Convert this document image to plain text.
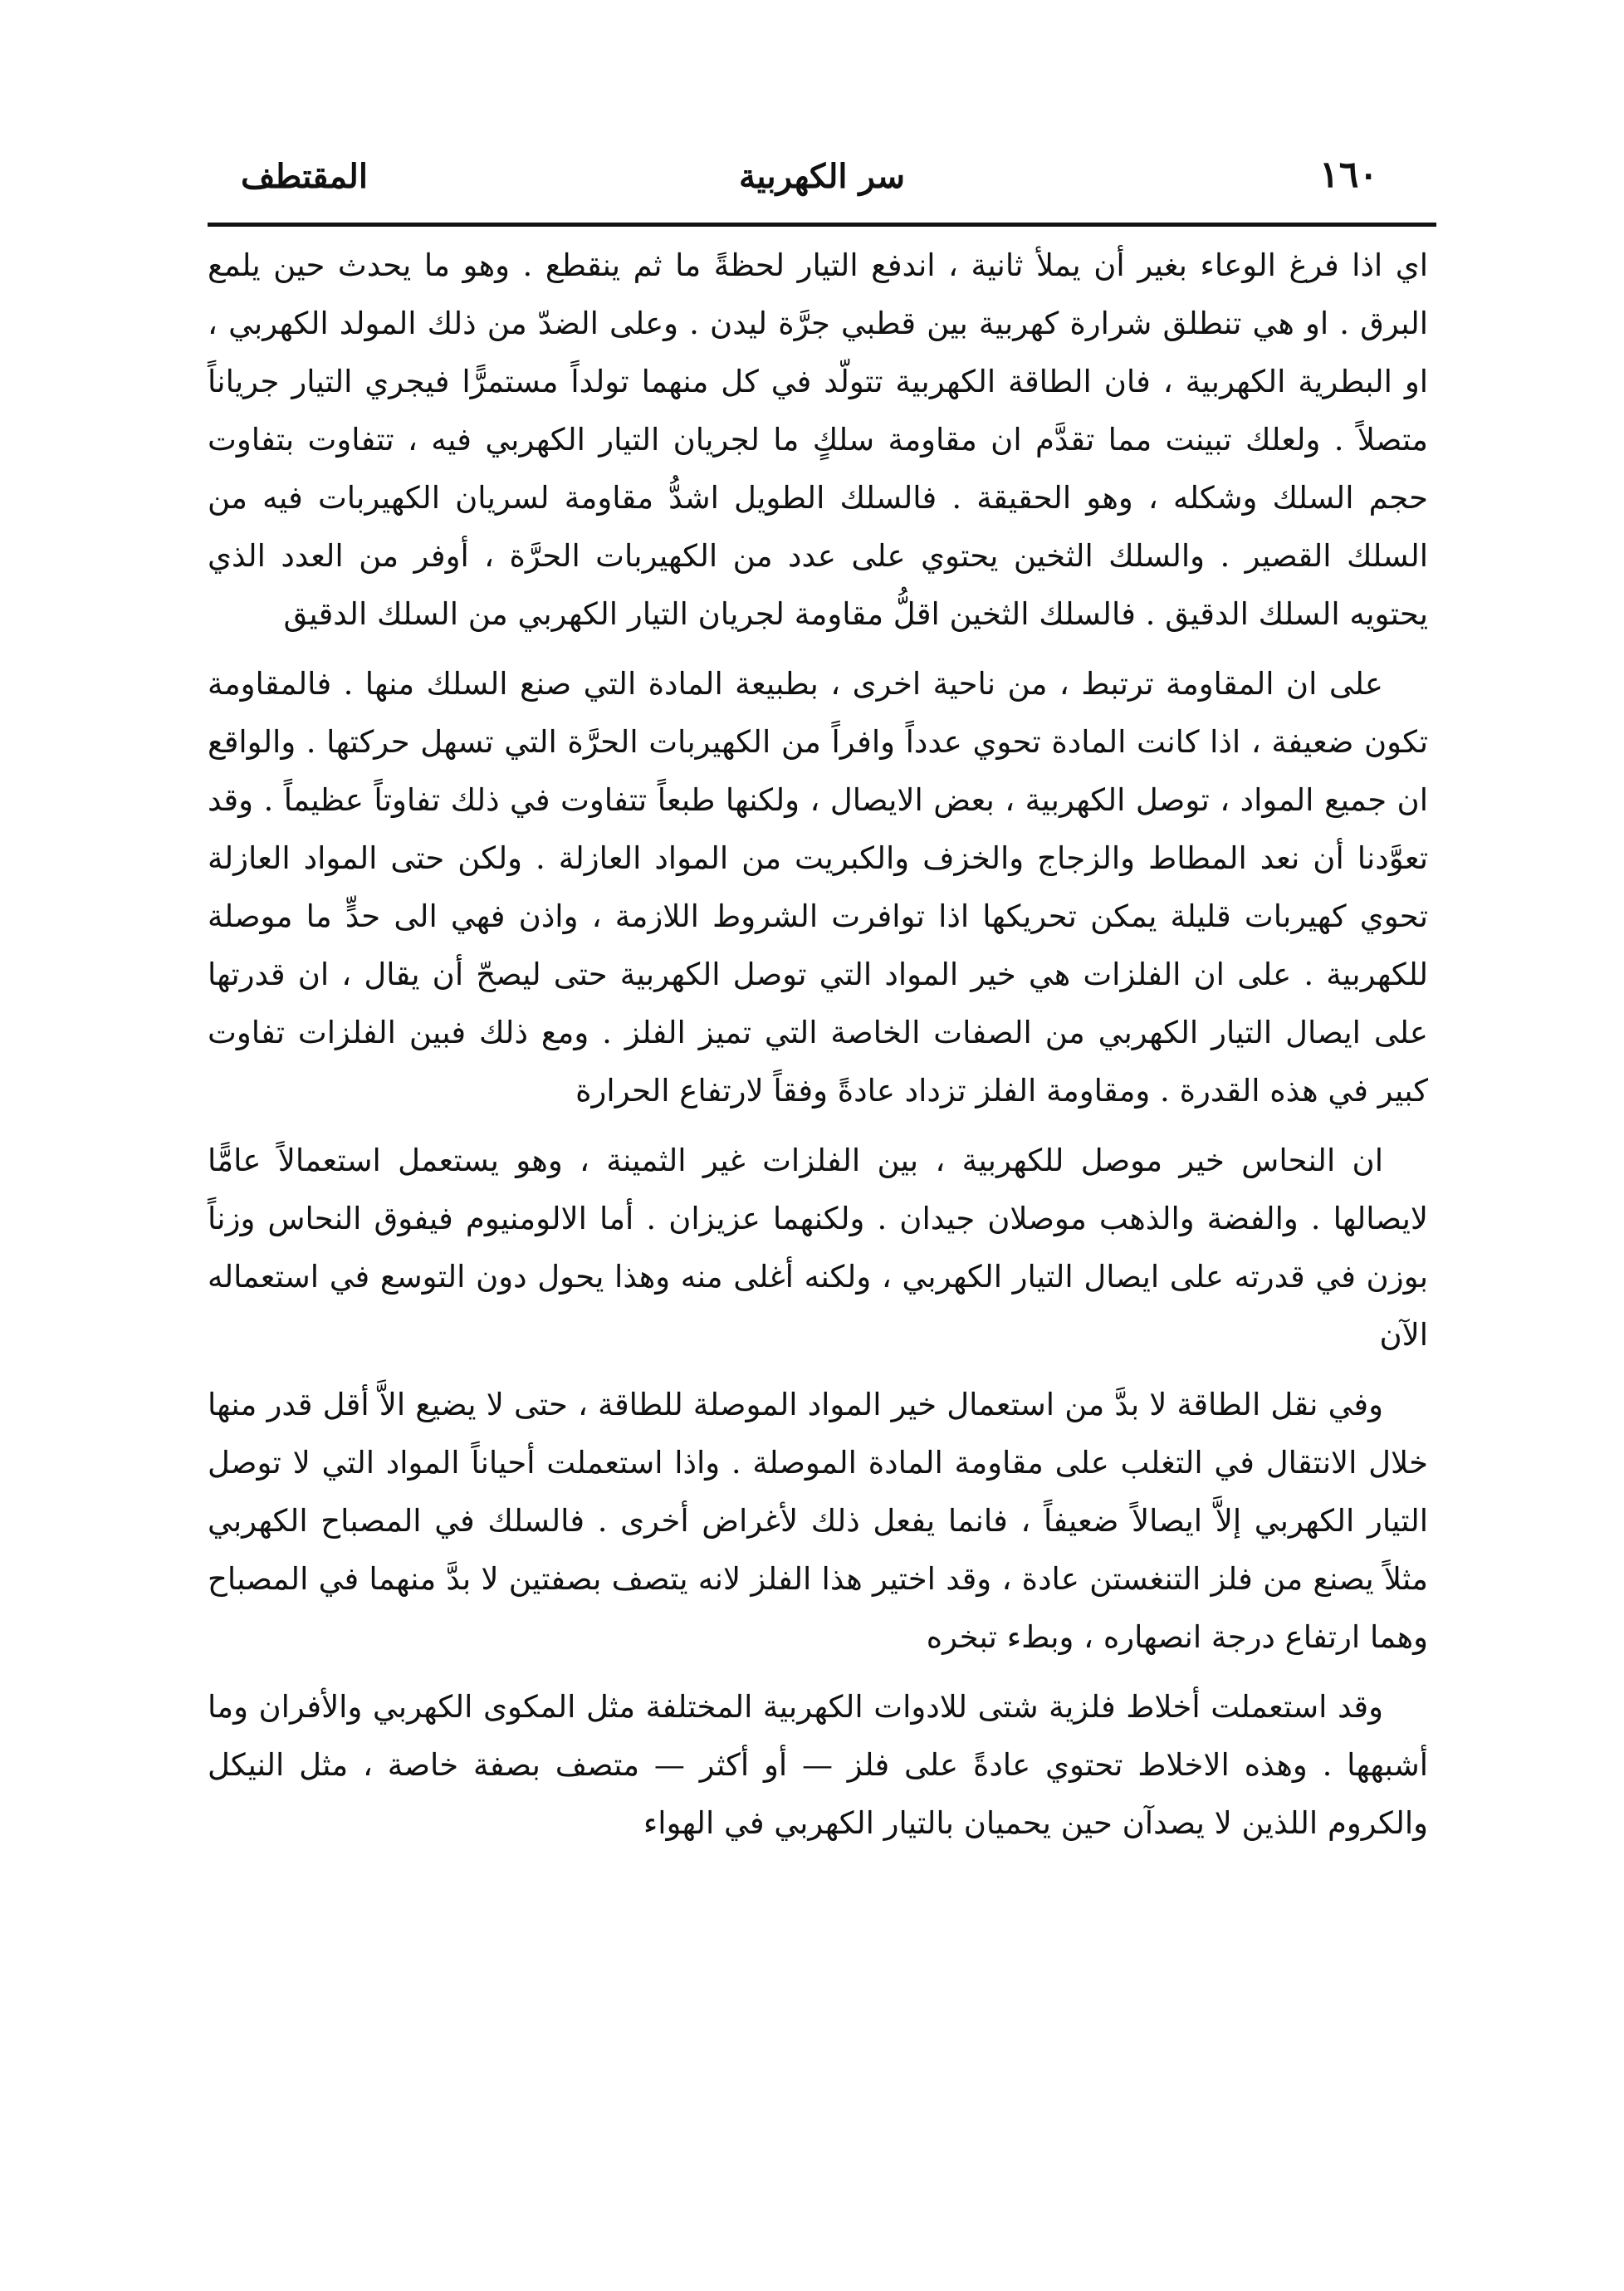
١٦٠
سر الكهربية
المقتطف

اي اذا فرغ الوعاء بغير أن يملأ ثانية ، اندفع التيار لحظةً ما ثم ينقطع . وهو ما يحدث حين يلمع البرق . او هي تنطلق شرارة كهربية بين قطبي جرَّة ليدن . وعلى الضدّ من ذلك المولد الكهربي ، او البطرية الكهربية ، فان الطاقة الكهربية تتولّد في كل منهما تولداً مستمرًّا فيجري التيار جرياناً متصلاً . ولعلك تبينت مما تقدَّم ان مقاومة سلكٍ ما لجريان التيار الكهربي فيه ، تتفاوت بتفاوت حجم السلك وشكله ، وهو الحقيقة . فالسلك الطويل اشدُّ مقاومة لسريان الكهيربات فيه من السلك القصير . والسلك الثخين يحتوي على عدد من الكهيربات الحرَّة ، أوفر من العدد الذي يحتويه السلك الدقيق . فالسلك الثخين اقلُّ مقاومة لجريان التيار الكهربي من السلك الدقيق

على ان المقاومة ترتبط ، من ناحية اخرى ، بطبيعة المادة التي صنع السلك منها . فالمقاومة تكون ضعيفة ، اذا كانت المادة تحوي عدداً وافراً من الكهيربات الحرَّة التي تسهل حركتها . والواقع ان جميع المواد ، توصل الكهربية ، بعض الايصال ، ولكنها طبعاً تتفاوت في ذلك تفاوتاً عظيماً . وقد تعوَّدنا أن نعد المطاط والزجاج والخزف والكبريت من المواد العازلة . ولكن حتى المواد العازلة تحوي كهيربات قليلة يمكن تحريكها اذا توافرت الشروط اللازمة ، واذن فهي الى حدٍّ ما موصلة للكهربية . على ان الفلزات هي خير المواد التي توصل الكهربية حتى ليصحّ أن يقال ، ان قدرتها على ايصال التيار الكهربي من الصفات الخاصة التي تميز الفلز . ومع ذلك فبين الفلزات تفاوت كبير في هذه القدرة . ومقاومة الفلز تزداد عادةً وفقاً لارتفاع الحرارة

ان النحاس خير موصل للكهربية ، بين الفلزات غير الثمينة ، وهو يستعمل استعمالاً عامًّا لايصالها . والفضة والذهب موصلان جيدان . ولكنهما عزيزان . أما الالومنيوم فيفوق النحاس وزناً بوزن في قدرته على ايصال التيار الكهربي ، ولكنه أغلى منه وهذا يحول دون التوسع في استعماله الآن

وفي نقل الطاقة لا بدَّ من استعمال خير المواد الموصلة للطاقة ، حتى لا يضيع الاَّ أقل قدر منها خلال الانتقال في التغلب على مقاومة المادة الموصلة . واذا استعملت أحياناً المواد التي لا توصل التيار الكهربي إلاَّ ايصالاً ضعيفاً ، فانما يفعل ذلك لأغراض أخرى . فالسلك في المصباح الكهربي مثلاً يصنع من فلز التنغستن عادة ، وقد اختير هذا الفلز لانه يتصف بصفتين لا بدَّ منهما في المصباح وهما ارتفاع درجة انصهاره ، وبطء تبخره

وقد استعملت أخلاط فلزية شتى للادوات الكهربية المختلفة مثل المكوى الكهربي والأفران وما أشبهها . وهذه الاخلاط تحتوي عادةً على فلز — أو أكثر — متصف بصفة خاصة ، مثل النيكل والكروم اللذين لا يصدآن حين يحميان بالتيار الكهربي في الهواء
